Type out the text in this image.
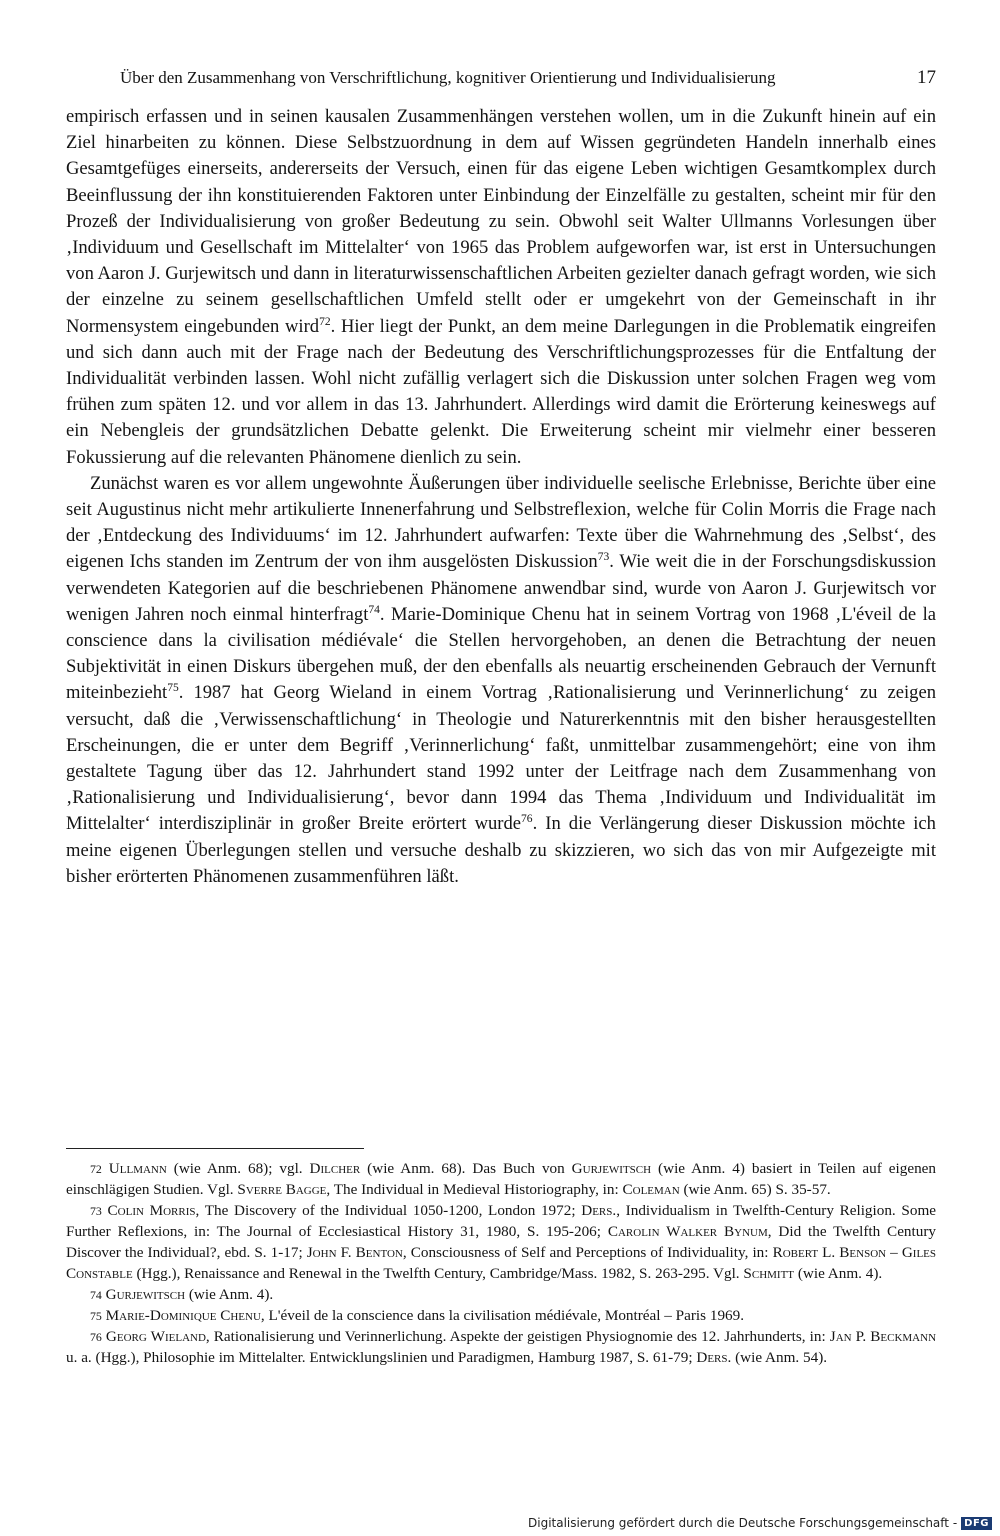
Über den Zusammenhang von Verschriftlichung, kognitiver Orientierung und Individualisierung	17

empirisch erfassen und in seinen kausalen Zusammenhängen verstehen wollen, um in die Zukunft hinein auf ein Ziel hinarbeiten zu können. Diese Selbstzuordnung in dem auf Wissen gegründeten Handeln innerhalb eines Gesamtgefüges einerseits, andererseits der Versuch, einen für das eigene Leben wichtigen Gesamtkomplex durch Beeinflussung der ihn konstituierenden Faktoren unter Einbindung der Einzelfälle zu gestalten, scheint mir für den Prozeß der Individualisierung von großer Bedeutung zu sein. Obwohl seit Walter Ullmanns Vorlesungen über ‚Individuum und Gesellschaft im Mittelalter‘ von 1965 das Problem aufgeworfen war, ist erst in Untersuchungen von Aaron J. Gurjewitsch und dann in literaturwissenschaftlichen Arbeiten gezielter danach gefragt worden, wie sich der einzelne zu seinem gesellschaftlichen Umfeld stellt oder er umgekehrt von der Gemeinschaft in ihr Normensystem eingebunden wird$^{72}$. Hier liegt der Punkt, an dem meine Darlegungen in die Problematik eingreifen und sich dann auch mit der Frage nach der Bedeutung des Verschriftlichungsprozesses für die Entfaltung der Individualität verbinden lassen. Wohl nicht zufällig verlagert sich die Diskussion unter solchen Fragen weg vom frühen zum späten 12. und vor allem in das 13. Jahrhundert. Allerdings wird damit die Erörterung keineswegs auf ein Nebengleis der grundsätzlichen Debatte gelenkt. Die Erweiterung scheint mir vielmehr einer besseren Fokussierung auf die relevanten Phänomene dienlich zu sein.

Zunächst waren es vor allem ungewohnte Äußerungen über individuelle seelische Erlebnisse, Berichte über eine seit Augustinus nicht mehr artikulierte Innenerfahrung und Selbstreflexion, welche für Colin Morris die Frage nach der ‚Entdeckung des Individuums‘ im 12. Jahrhundert aufwarfen: Texte über die Wahrnehmung des ‚Selbst‘, des eigenen Ichs standen im Zentrum der von ihm ausgelösten Diskussion$^{73}$. Wie weit die in der Forschungsdiskussion verwendeten Kategorien auf die beschriebenen Phänomene anwendbar sind, wurde von Aaron J. Gurjewitsch vor wenigen Jahren noch einmal hinterfragt$^{74}$. Marie-Dominique Chenu hat in seinem Vortrag von 1968 ‚L'éveil de la conscience dans la civilisation médiévale‘ die Stellen hervorgehoben, an denen die Betrachtung der neuen Subjektivität in einen Diskurs übergehen muß, der den ebenfalls als neuartig erscheinenden Gebrauch der Vernunft miteinbezieht$^{75}$. 1987 hat Georg Wieland in einem Vortrag ‚Rationalisierung und Verinnerlichung‘ zu zeigen versucht, daß die ‚Verwissenschaftlichung‘ in Theologie und Naturerkenntnis mit den bisher herausgestellten Erscheinungen, die er unter dem Begriff ‚Verinnerlichung‘ faßt, unmittelbar zusammengehört; eine von ihm gestaltete Tagung über das 12. Jahrhundert stand 1992 unter der Leitfrage nach dem Zusammenhang von ‚Rationalisierung und Individualisierung‘, bevor dann 1994 das Thema ‚Individuum und Individualität im Mittelalter‘ interdisziplinär in großer Breite erörtert wurde$^{76}$. In die Verlängerung dieser Diskussion möchte ich meine eigenen Überlegungen stellen und versuche deshalb zu skizzieren, wo sich das von mir Aufgezeigte mit bisher erörterten Phänomenen zusammenführen läßt.

72 Ullmann (wie Anm. 68); vgl. Dilcher (wie Anm. 68). Das Buch von Gurjewitsch (wie Anm. 4) basiert in Teilen auf eigenen einschlägigen Studien. Vgl. Sverre Bagge, The Individual in Medieval Historiography, in: Coleman (wie Anm. 65) S. 35-57.

73 Colin Morris, The Discovery of the Individual 1050-1200, London 1972; Ders., Individualism in Twelfth-Century Religion. Some Further Reflexions, in: The Journal of Ecclesiastical History 31, 1980, S. 195-206; Carolin Walker Bynum, Did the Twelfth Century Discover the Individual?, ebd. S. 1-17; John F. Benton, Consciousness of Self and Perceptions of Individuality, in: Robert L. Benson – Giles Constable (Hgg.), Renaissance and Renewal in the Twelfth Century, Cambridge/Mass. 1982, S. 263-295. Vgl. Schmitt (wie Anm. 4).

74 Gurjewitsch (wie Anm. 4).

75 Marie-Dominique Chenu, L'éveil de la conscience dans la civilisation médiévale, Montréal – Paris 1969.

76 Georg Wieland, Rationalisierung und Verinnerlichung. Aspekte der geistigen Physiognomie des 12. Jahrhunderts, in: Jan P. Beckmann u. a. (Hgg.), Philosophie im Mittelalter. Entwicklungslinien und Paradigmen, Hamburg 1987, S. 61-79; Ders. (wie Anm. 54).

Digitalisierung gefördert durch die Deutsche Forschungsgemeinschaft - DFG
